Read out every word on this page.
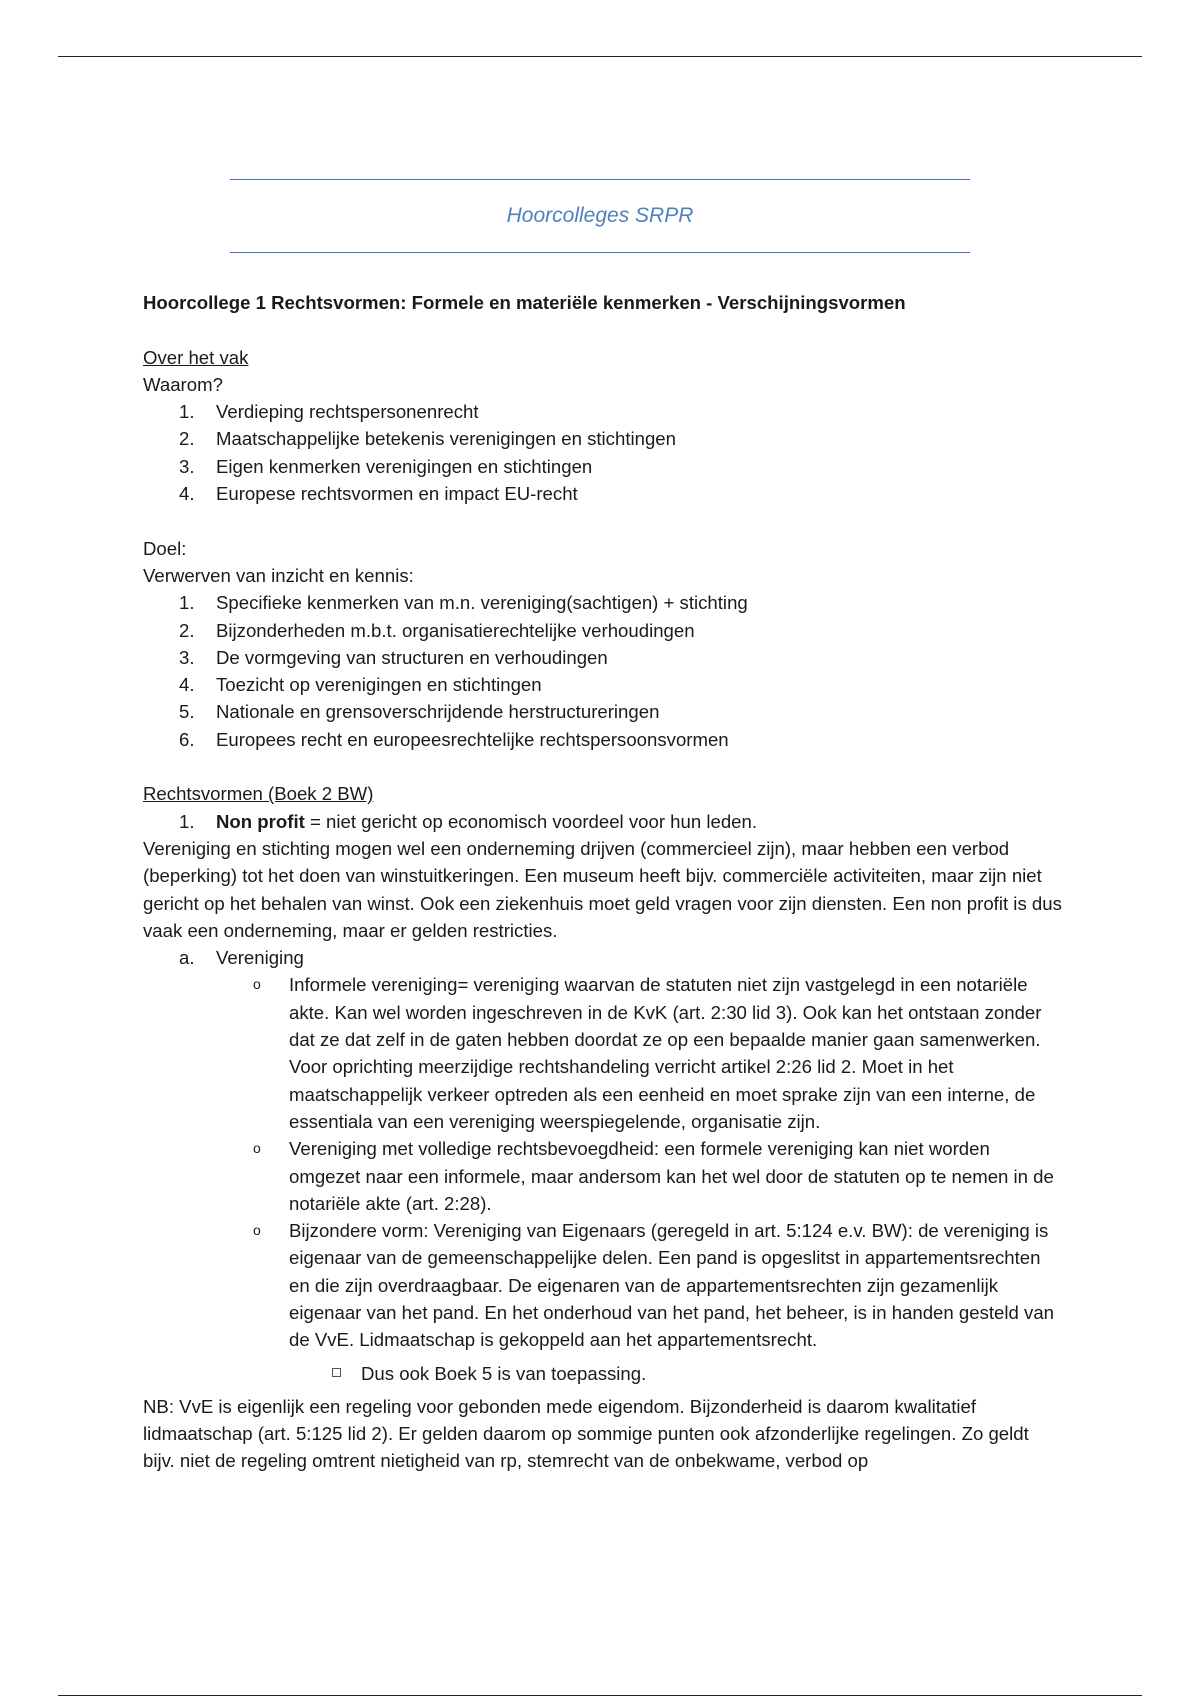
Hoorcolleges SRPR

Hoorcollege 1 Rechtsvormen: Formele en materiële kenmerken - Verschijningsvormen

Over het vak

Waarom?

1. Verdieping rechtspersonenrecht
2. Maatschappelijke betekenis verenigingen en stichtingen
3. Eigen kenmerken verenigingen en stichtingen
4. Europese rechtsvormen en impact EU-recht

Doel:

Verwerven van inzicht en kennis:

1. Specifieke kenmerken van m.n. vereniging(sachtigen) + stichting
2. Bijzonderheden m.b.t. organisatierechtelijke verhoudingen
3. De vormgeving van structuren en verhoudingen
4. Toezicht op verenigingen en stichtingen
5. Nationale en grensoverschrijdende herstructureringen
6. Europees recht en europeesrechtelijke rechtspersoonsvormen

Rechtsvormen (Boek 2 BW)

1. Non profit = niet gericht op economisch voordeel voor hun leden.

Vereniging en stichting mogen wel een onderneming drijven (commercieel zijn), maar hebben een verbod (beperking) tot het doen van winstuitkeringen. Een museum heeft bijv. commerciële activiteiten, maar zijn niet gericht op het behalen van winst. Ook een ziekenhuis moet geld vragen voor zijn diensten. Een non profit is dus vaak een onderneming, maar er gelden restricties.

a. Vereniging
o Informele vereniging= vereniging waarvan de statuten niet zijn vastgelegd in een notariële akte. Kan wel worden ingeschreven in de KvK (art. 2:30 lid 3). Ook kan het ontstaan zonder dat ze dat zelf in de gaten hebben doordat ze op een bepaalde manier gaan samenwerken. Voor oprichting meerzijdige rechtshandeling verricht artikel 2:26 lid 2. Moet in het maatschappelijk verkeer optreden als een eenheid en moet sprake zijn van een interne, de essentiala van een vereniging weerspiegelende, organisatie zijn.
o Vereniging met volledige rechtsbevoegdheid: een formele vereniging kan niet worden omgezet naar een informele, maar andersom kan het wel door de statuten op te nemen in de notariële akte (art. 2:28).
o Bijzondere vorm: Vereniging van Eigenaars (geregeld in art. 5:124 e.v. BW): de vereniging is eigenaar van de gemeenschappelijke delen. Een pand is opgeslitst in appartementsrechten en die zijn overdraagbaar. De eigenaren van de appartementsrechten zijn gezamenlijk eigenaar van het pand. En het onderhoud van het pand, het beheer, is in handen gesteld van de VvE. Lidmaatschap is gekoppeld aan het appartementsrecht.
Dus ook Boek 5 is van toepassing.

NB: VvE is eigenlijk een regeling voor gebonden mede eigendom. Bijzonderheid is daarom kwalitatief lidmaatschap (art. 5:125 lid 2). Er gelden daarom op sommige punten ook afzonderlijke regelingen. Zo geldt bijv. niet de regeling omtrent nietigheid van rp, stemrecht van de onbekwame, verbod op
